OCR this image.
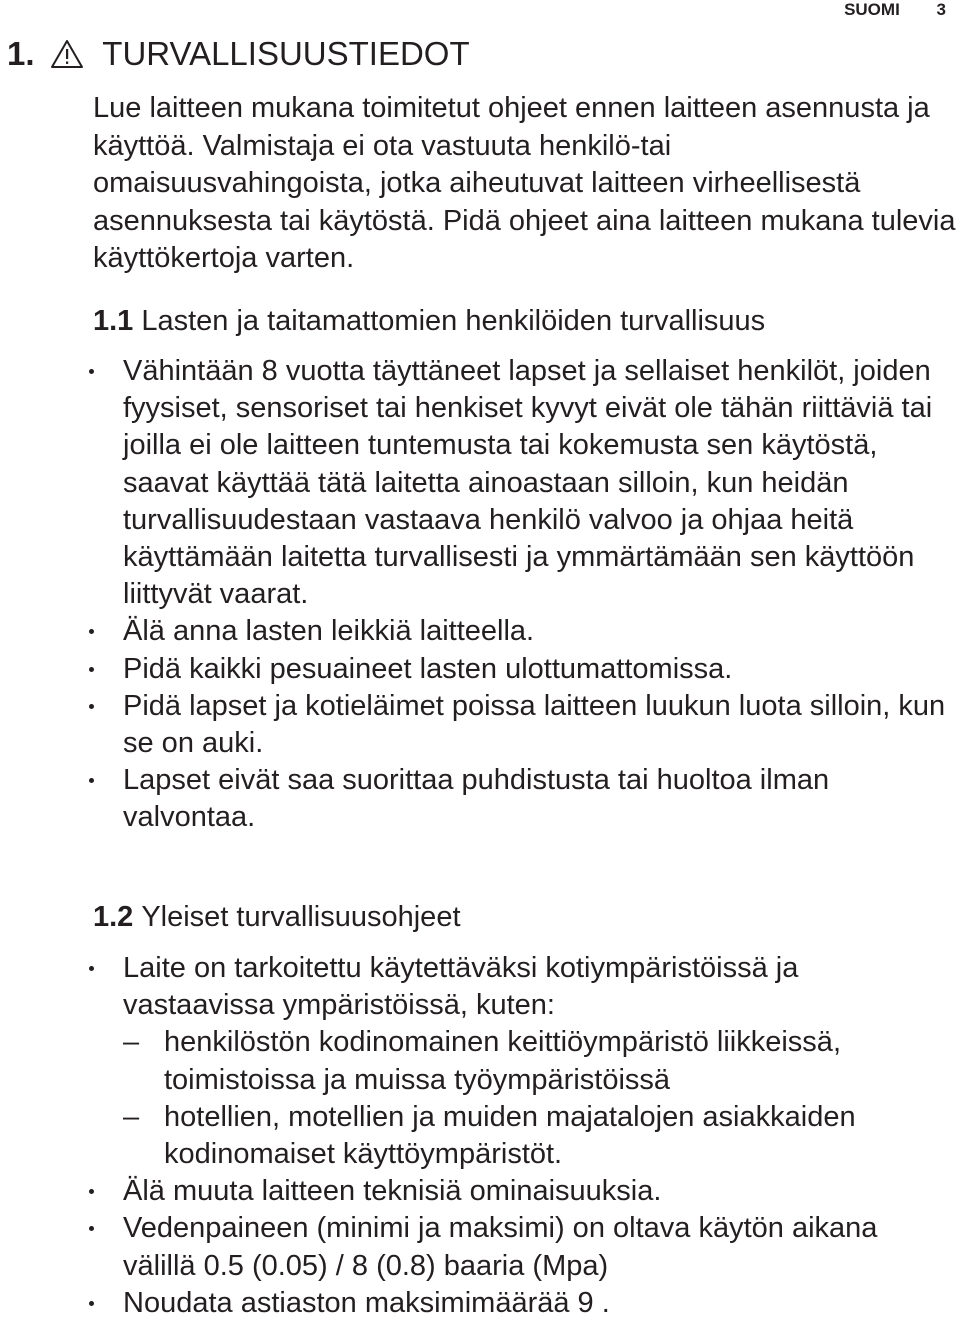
SUOMI 3
1. TURVALLISUUSTIEDOT

Lue laitteen mukana toimitetut ohjeet ennen laitteen asennusta ja käyttöä. Valmistaja ei ota vastuuta henkilö-tai omaisuusvahingoista, jotka aiheutuvat laitteen virheellisestä asennuksesta tai käytöstä. Pidä ohjeet aina laitteen mukana tulevia käyttökertoja varten.

1.1 Lasten ja taitamattomien henkilöiden turvallisuus
Vähintään 8 vuotta täyttäneet lapset ja sellaiset henkilöt, joiden fyysiset, sensoriset tai henkiset kyvyt eivät ole tähän riittäviä tai joilla ei ole laitteen tuntemusta tai kokemusta sen käytöstä, saavat käyttää tätä laitetta ainoastaan silloin, kun heidän turvallisuudestaan vastaava henkilö valvoo ja ohjaa heitä käyttämään laitetta turvallisesti ja ymmärtämään sen käyttöön liittyvät vaarat.
Älä anna lasten leikkiä laitteella.
Pidä kaikki pesuaineet lasten ulottumattomissa.
Pidä lapset ja kotieläimet poissa laitteen luukun luota silloin, kun se on auki.
Lapset eivät saa suorittaa puhdistusta tai huoltoa ilman valvontaa.
1.2 Yleiset turvallisuusohjeet
Laite on tarkoitettu käytettäväksi kotiympäristöissä ja vastaavissa ympäristöissä, kuten:
– henkilöstön kodinomainen keittiöympäristö liikkeissä, toimistoissa ja muissa työympäristöissä
– hotellien, motellien ja muiden majatalojen asiakkaiden kodinomaiset käyttöympäristöt.
Älä muuta laitteen teknisiä ominaisuuksia.
Vedenpaineen (minimi ja maksimi) on oltava käytön aikana välillä 0.5 (0.05) / 8 (0.8) baaria (Mpa)
Noudata astiaston maksimimäärää 9 .
